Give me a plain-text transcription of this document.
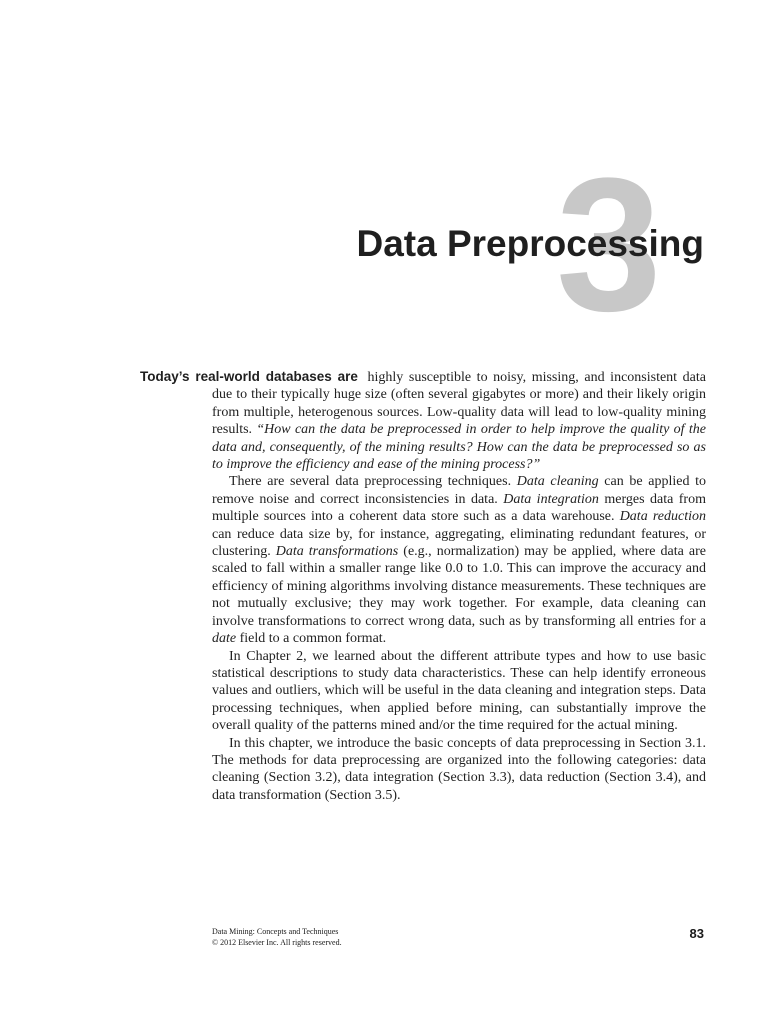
3
Data Preprocessing

Today’s real-world databases are highly susceptible to noisy, missing, and inconsistent data due to their typically huge size (often several gigabytes or more) and their likely origin from multiple, heterogenous sources. Low-quality data will lead to low-quality mining results. “How can the data be preprocessed in order to help improve the quality of the data and, consequently, of the mining results? How can the data be preprocessed so as to improve the efficiency and ease of the mining process?”

There are several data preprocessing techniques. Data cleaning can be applied to remove noise and correct inconsistencies in data. Data integration merges data from multiple sources into a coherent data store such as a data warehouse. Data reduction can reduce data size by, for instance, aggregating, eliminating redundant features, or clustering. Data transformations (e.g., normalization) may be applied, where data are scaled to fall within a smaller range like 0.0 to 1.0. This can improve the accuracy and efficiency of mining algorithms involving distance measurements. These techniques are not mutually exclusive; they may work together. For example, data cleaning can involve transformations to correct wrong data, such as by transforming all entries for a date field to a common format.

In Chapter 2, we learned about the different attribute types and how to use basic statistical descriptions to study data characteristics. These can help identify erroneous values and outliers, which will be useful in the data cleaning and integration steps. Data processing techniques, when applied before mining, can substantially improve the overall quality of the patterns mined and/or the time required for the actual mining.

In this chapter, we introduce the basic concepts of data preprocessing in Section 3.1. The methods for data preprocessing are organized into the following categories: data cleaning (Section 3.2), data integration (Section 3.3), data reduction (Section 3.4), and data transformation (Section 3.5).

Data Mining: Concepts and Techniques
© 2012 Elsevier Inc. All rights reserved.
83
